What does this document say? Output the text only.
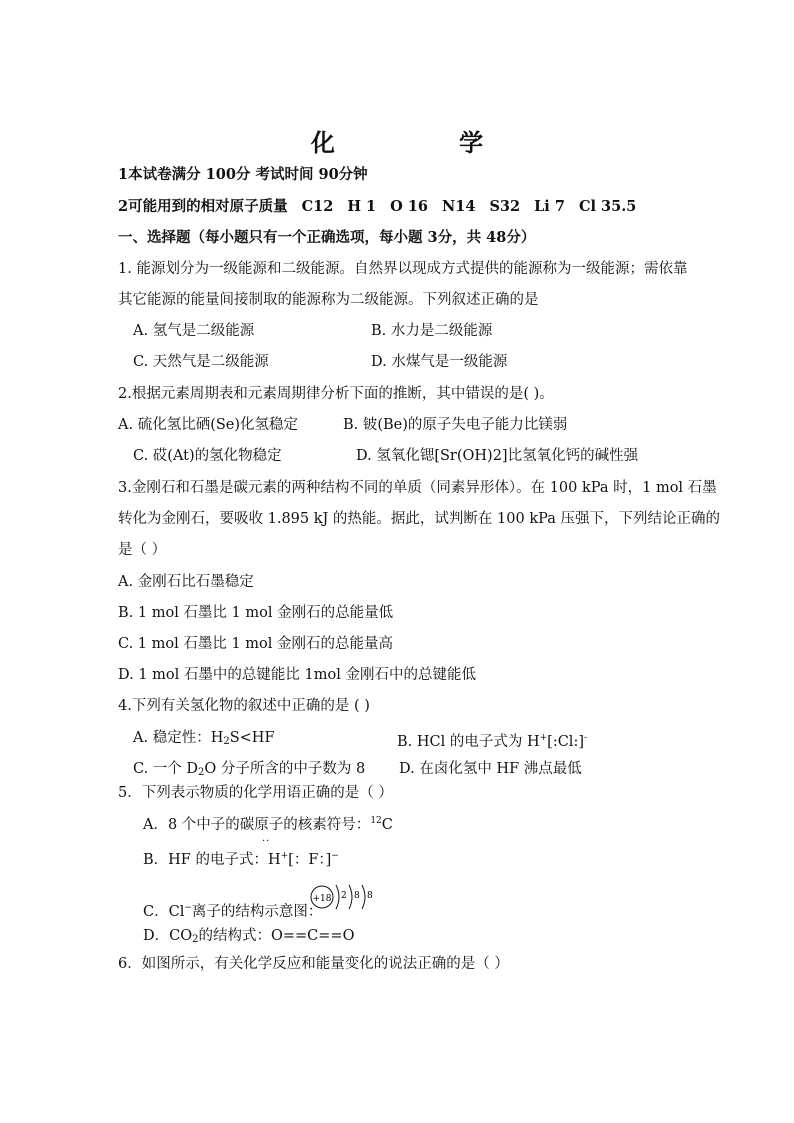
化 学
1本试卷满分 100分 考试时间 90分钟
2可能用到的相对原子质量 C12 H 1 O 16 N14 S32 Li 7 Cl 35.5
一、选择题（每小题只有一个正确选项，每小题 3分，共 48分）
1. 能源划分为一级能源和二级能源。自然界以现成方式提供的能源称为一级能源；需依靠
其它能源的能量间接制取的能源称为二级能源。下列叙述正确的是
A. 氢气是二级能源	B. 水力是二级能源
C. 天然气是二级能源	D. 水煤气是一级能源
2.根据元素周期表和元素周期律分析下面的推断，其中错误的是( )。
A. 硫化氢比硒(Se)化氢稳定	B. 铍(Be)的原子失电子能力比镁弱
C. 砹(At)的氢化物稳定	D. 氢氧化锶[Sr(OH)2]比氢氧化钙的碱性强
3.金刚石和石墨是碳元素的两种结构不同的单质（同素异形体）。在 100 kPa 时，1 mol 石墨
转化为金刚石，要吸收 1.895 kJ 的热能。据此，试判断在 100 kPa 压强下，下列结论正确的
是（ ）
A. 金刚石比石墨稳定
B. 1 mol 石墨比 1 mol 金刚石的总能量低
C. 1 mol 石墨比 1 mol 金刚石的总能量高
D. 1 mol 石墨中的总键能比 1mol 金刚石中的总键能低
4.下列有关氢化物的叙述中正确的是 ( )
A. 稳定性：$H_2S<HF$	B. HCl 的电子式为 H+[:Cl:]-
C. 一个 $D_2O$ 分子所含的中子数为 8 D. 在卤化氢中 HF 沸点最低
5．下列表示物质的化学用语正确的是（ ）
A．8 个中子的碳原子的核素符号：$^{12}$C
··
B．HF 的电子式：H+[：F：]−
C．Cl−离子的结构示意图：
+18 2 8 8
D．$CO_2$的结构式：O==C==O
6．如图所示，有关化学反应和能量变化的说法正确的是（ ）
